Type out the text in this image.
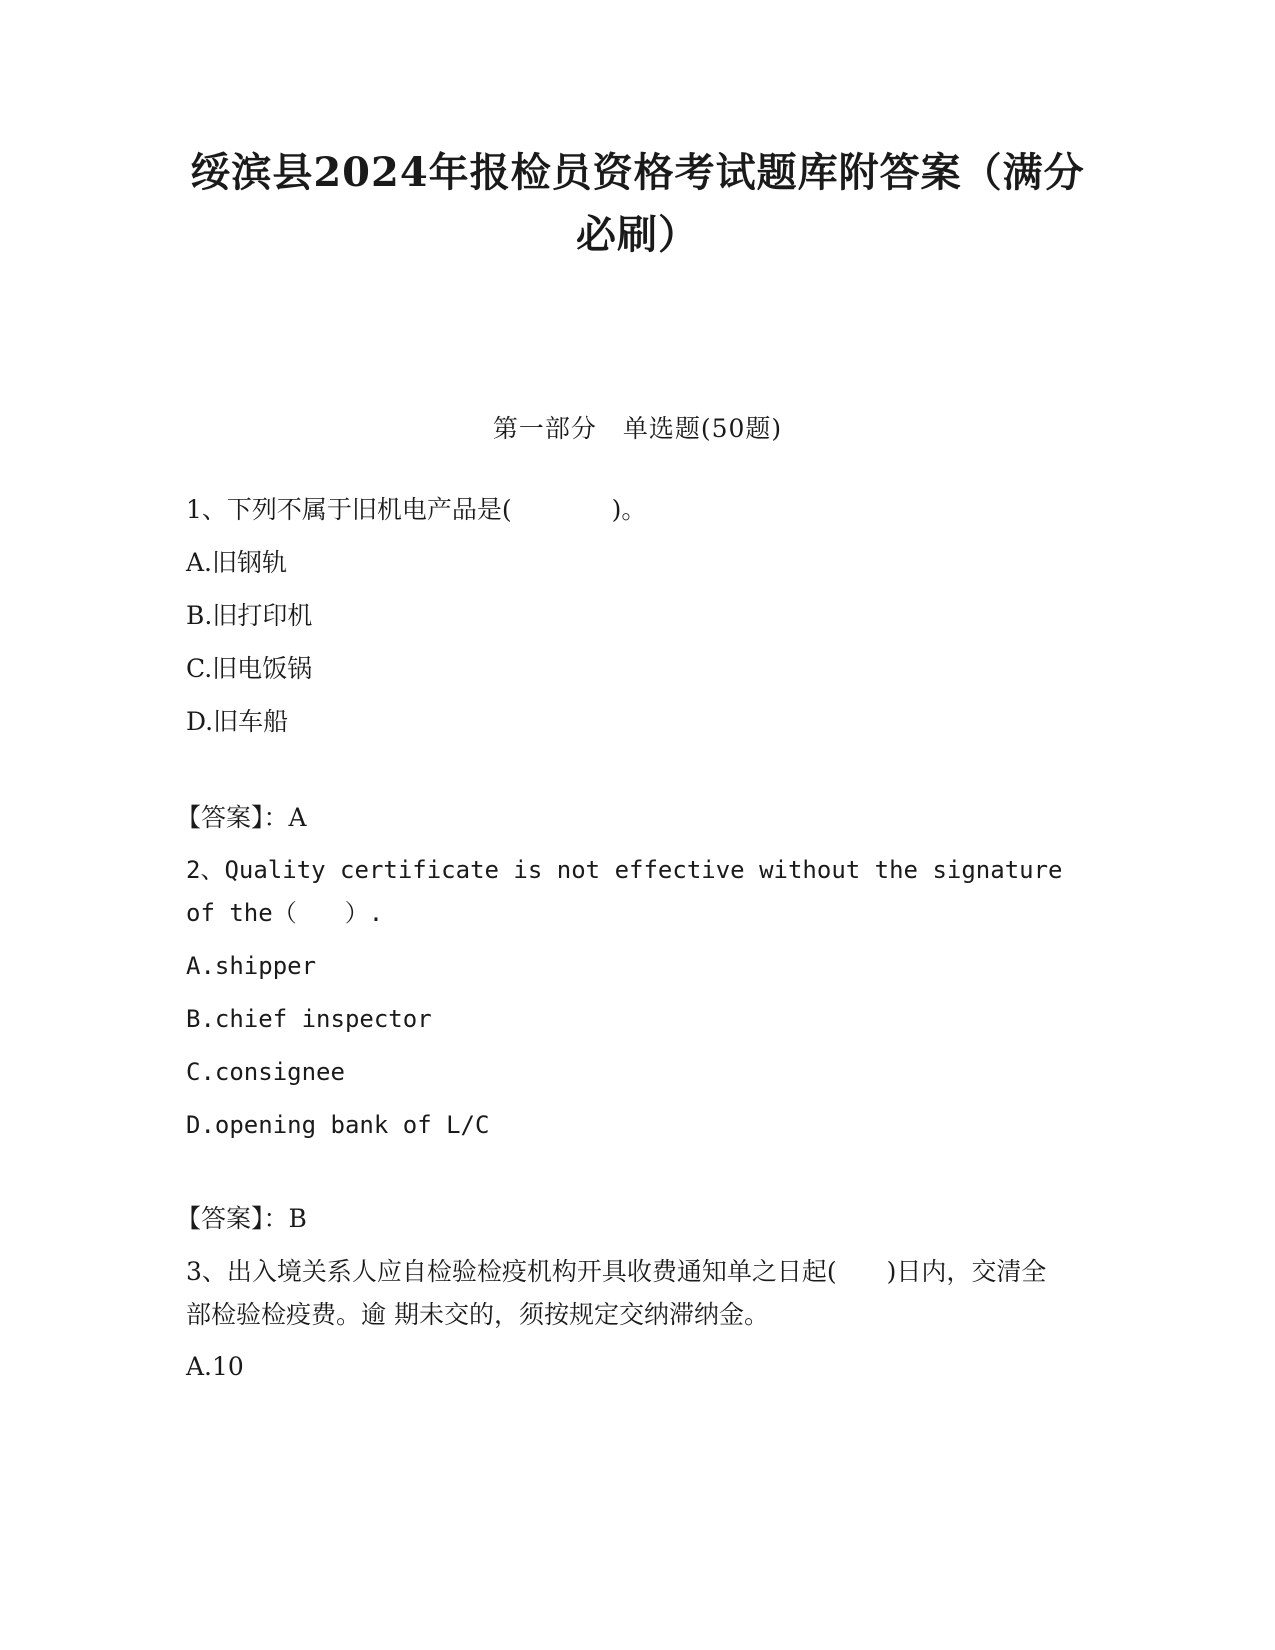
绥滨县2024年报检员资格考试题库附答案（满分必刷）
第一部分　单选题(50题)
1、下列不属于旧机电产品是(　　　　)。
A.旧钢轨
B.旧打印机
C.旧电饭锅
D.旧车船
【答案】：A
2、Quality certificate is not effective without the signature of the（　　）.
A.shipper
B.chief inspector
C.consignee
D.opening bank of L/C
【答案】：B
3、出入境关系人应自检验检疫机构开具收费通知单之日起(　　)日内，交清全部检验检疫费。逾 期未交的，须按规定交纳滞纳金。
A.10
